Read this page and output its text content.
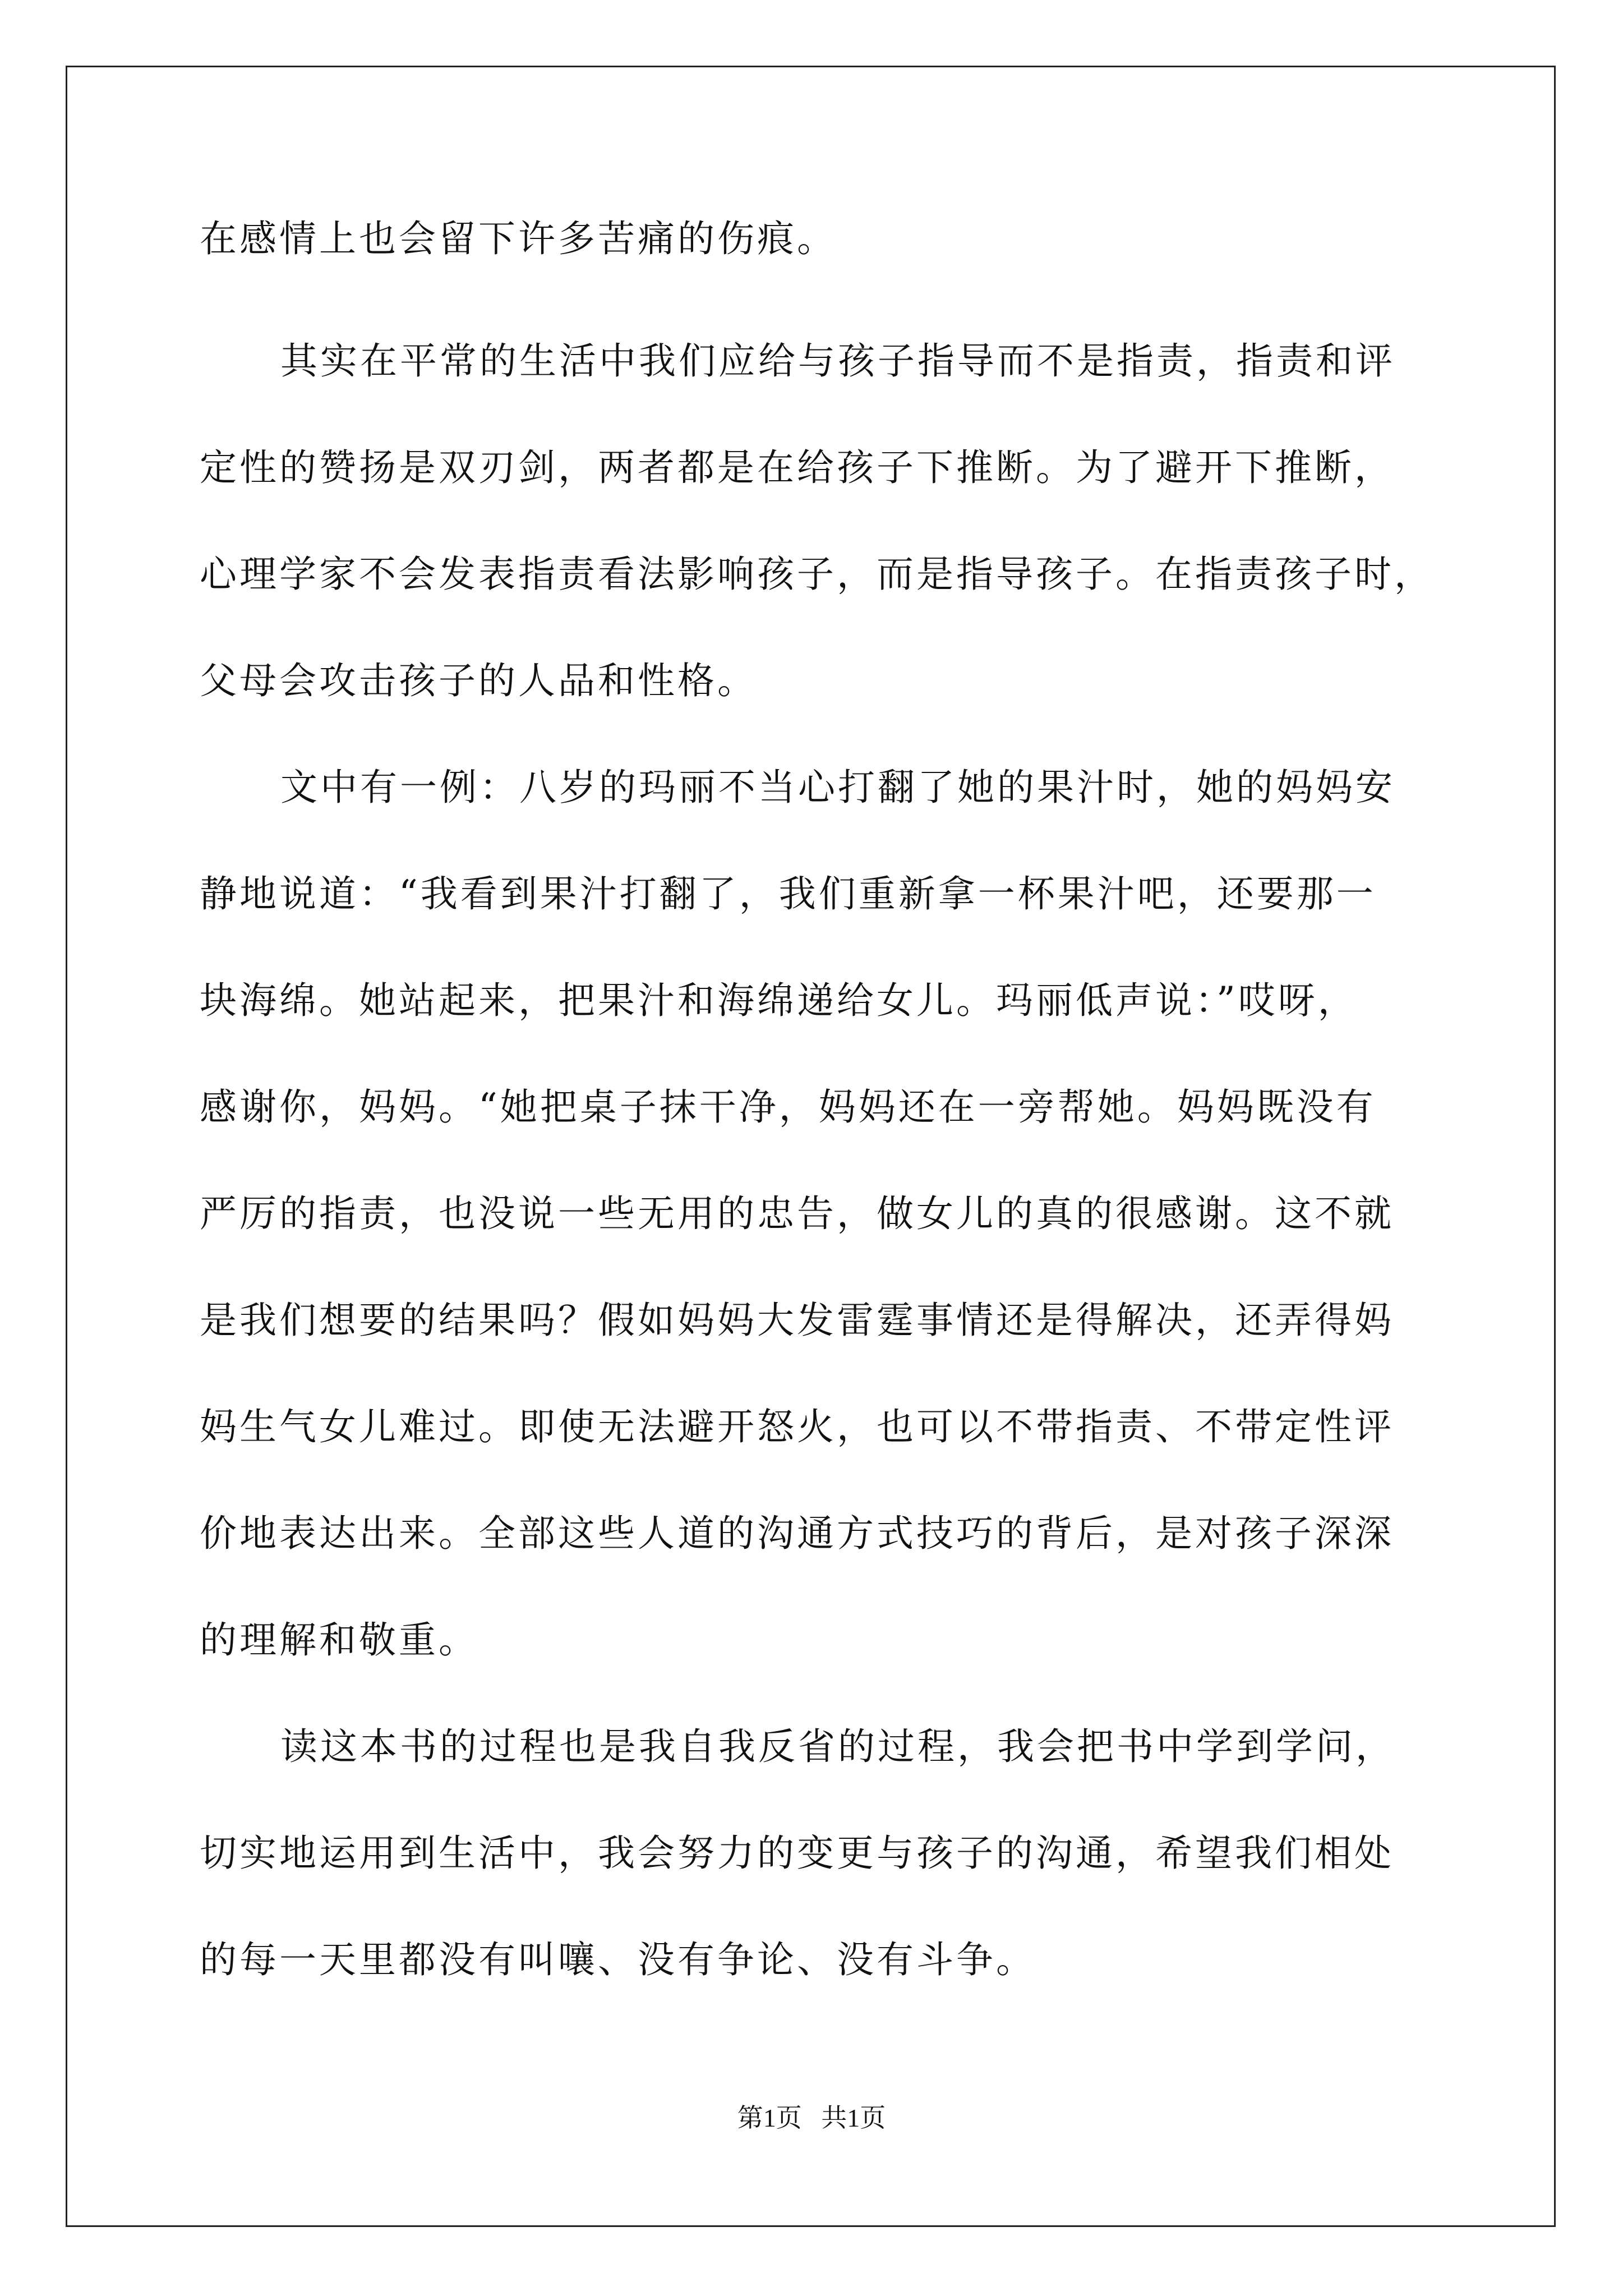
在感情上也会留下许多苦痛的伤痕。

其实在平常的生活中我们应给与孩子指导而不是指责，指责和评

定性的赞扬是双刃剑，两者都是在给孩子下推断。为了避开下推断，

心理学家不会发表指责看法影响孩子，而是指导孩子。在指责孩子时，

父母会攻击孩子的人品和性格。

文中有一例：八岁的玛丽不当心打翻了她的果汁时，她的妈妈安

静地说道：“我看到果汁打翻了，我们重新拿一杯果汁吧，还要那一

块海绵。她站起来，把果汁和海绵递给女儿。玛丽低声说：”哎呀，

感谢你，妈妈。“她把桌子抹干净，妈妈还在一旁帮她。妈妈既没有

严厉的指责，也没说一些无用的忠告，做女儿的真的很感谢。这不就

是我们想要的结果吗？假如妈妈大发雷霆事情还是得解决，还弄得妈

妈生气女儿难过。即使无法避开怒火，也可以不带指责、不带定性评

价地表达出来。全部这些人道的沟通方式技巧的背后，是对孩子深深

的理解和敬重。

读这本书的过程也是我自我反省的过程，我会把书中学到学问，

切实地运用到生活中，我会努力的变更与孩子的沟通，希望我们相处

的每一天里都没有叫嚷、没有争论、没有斗争。

第1页   共1页
